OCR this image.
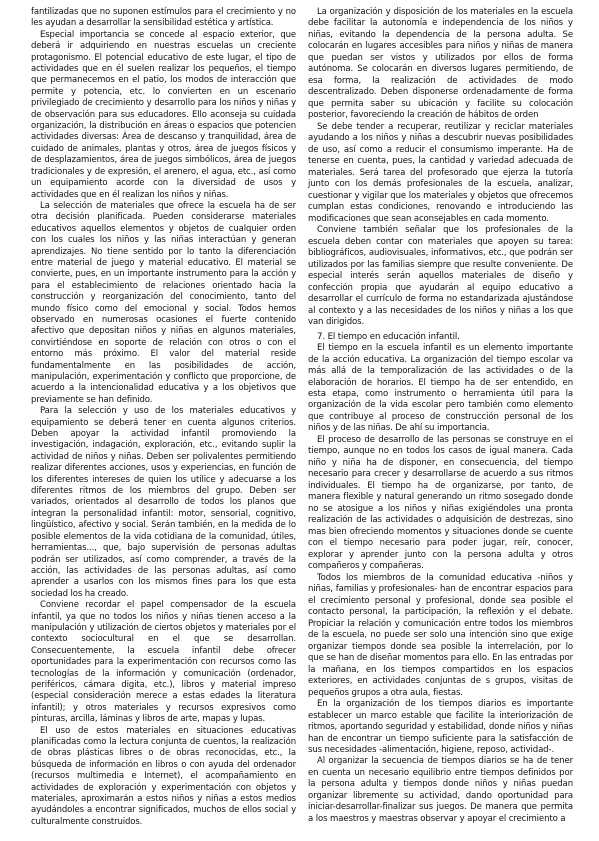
fantilizadas que no suponen estímulos para el crecimiento y no les ayudan a desarrollar la sensibilidad estética y artística.

Especial importancia se concede al espacio exterior, que deberá ir adquiriendo en nuestras escuelas un creciente protagonismo. El potencial educativo de este lugar, el tipo de actividades que en él suelen realizar los pequeños, el tiempo que permanecemos en el patio, los modos de interacción que permite y potencia, etc. lo convierten en un escenario privilegiado de crecimiento y desarrollo para los niños y niñas y de observación para sus educadores. Ello aconseja su cuidada organización, la distribución en áreas o espacios que potencien actividades diversas: Área de descanso y tranquilidad, área de cuidado de animales, plantas y otros, área de juegos físicos y de desplazamientos, área de juegos simbólicos, área de juegos tradicionales y de expresión, el arenero, el agua, etc., así como un equipamiento acorde con la diversidad de usos y actividades que en él realizan los niños y niñas.

La selección de materiales que ofrece la escuela ha de ser otra decisión planificada. Pueden considerarse materiales educativos aquellos elementos y objetos de cualquier orden con los cuales los niños y las niñas interactúan y generan aprendizajes. No tiene sentido por lo tanto la diferenciación entre material de juego y material educativo. El material se convierte, pues, en un importante instrumento para la acción y para el establecimiento de relaciones orientado hacia la construcción y reorganización del conocimiento, tanto del mundo físico como del emocional y social. Todos hemos observado en numerosas ocasiones el fuerte contenido afectivo que depositan niños y niñas en algunos materiales, convirtiéndose en soporte de relación con otros o con el entorno más próximo. El valor del material reside fundamentalmente en las posibilidades de acción, manipulación, experimentación y conflicto que proporcione, de acuerdo a la intencionalidad educativa y a los objetivos que previamente se han definido.

Para la selección y uso de los materiales educativos y equipamiento se deberá tener en cuenta algunos criterios. Deben apoyar la actividad infantil promoviendo la investigación, indagación, exploración, etc., evitando suplir la actividad de niños y niñas. Deben ser polivalentes permitiendo realizar diferentes acciones, usos y experiencias, en función de los diferentes intereses de quien los utilice y adecuarse a los diferentes ritmos de los miembros del grupo. Deben ser variados, orientados al desarrollo de todos los planos que integran la personalidad infantil: motor, sensorial, cognitivo, lingüístico, afectivo y social. Serán también, en la medida de lo posible elementos de la vida cotidiana de la comunidad, útiles, herramientas..., que, bajo supervisión de personas adultas podrán ser utilizados, así como comprender, a través de la acción, las actividades de las personas adultas, así como aprender a usarlos con los mismos fines para los que esta sociedad los ha creado.

Conviene recordar el papel compensador de la escuela infantil, ya que no todos los niños y niñas tienen acceso a la manipulación y utilización de ciertos objetos y materiales por el contexto sociocultural en el que se desarrollan. Consecuentemente, la escuela infantil debe ofrecer oportunidades para la experimentación con recursos como las tecnologías de la información y comunicación (ordenador, periféricos, cámara digita, etc.), libros y material impreso (especial consideración merece a estas edades la literatura infantil); y otros materiales y recursos expresivos como pinturas, arcilla, láminas y libros de arte, mapas y lupas.

El uso de estos materiales en situaciones educativas planificadas como la lectura conjunta de cuentos, la realización de obras plásticas libres o de obras reconocidas, etc., la búsqueda de información en libros o con ayuda del ordenador (recursos multimedia e Internet), el acompañamiento en actividades de exploración y experimentación con objetos y materiales, aproximarán a estos niños y niñas a estos medios ayudándoles a encontrar significados, muchos de ellos social y culturalmente construidos.

La organización y disposición de los materiales en la escuela debe facilitar la autonomía e independencia de los niños y niñas, evitando la dependencia de la persona adulta. Se colocarán en lugares accesibles para niños y niñas de manera que puedan ser vistos y utilizados por ellos de forma autónoma. Se colocarán en diversos lugares permitiendo, de esa forma, la realización de actividades de modo descentralizado. Deben disponerse ordenadamente de forma que permita saber su ubicación y facilite su colocación posterior, favoreciendo la creación de hábitos de orden

Se debe tender a recuperar, reutilizar y reciclar materiales ayudando a los niños y niñas a descubrir nuevas posibilidades de uso, así como a reducir el consumismo imperante. Ha de tenerse en cuenta, pues, la cantidad y variedad adecuada de materiales. Será tarea del profesorado que ejerza la tutoría junto con los demás profesionales de la escuela, analizar, cuestionar y vigilar que los materiales y objetos que ofrecemos cumplan estas condiciones, renovando e introduciendo las modificaciones que sean aconsejables en cada momento.

Conviene también señalar que los profesionales de la escuela deben contar con materiales que apoyen su tarea: bibliográficos, audiovisuales, informativos, etc., que podrán ser utilizados por las familias siempre que resulte conveniente. De especial interés serán aquellos materiales de diseño y confección propia que ayudarán al equipo educativo a desarrollar el currículo de forma no estandarizada ajustándose al contexto y a las necesidades de los niños y niñas a los que van dirigidos.

7. El tiempo en educación infantil.

El tiempo en la escuela infantil es un elemento importante de la acción educativa. La organización del tiempo escolar va más allá de la temporalización de las actividades o de la elaboración de horarios. El tiempo ha de ser entendido, en esta etapa, como instrumento o herramienta útil para la organización de la vida escolar pero también como elemento que contribuye al proceso de construcción personal de los niños y de las niñas. De ahí su importancia.

El proceso de desarrollo de las personas se construye en el tiempo, aunque no en todos los casos de igual manera. Cada niño y niña ha de disponer, en consecuencia, del tiempo necesario para crecer y desarrollarse de acuerdo a sus ritmos individuales. El tiempo ha de organizarse, por tanto, de manera flexible y natural generando un ritmo sosegado donde no se atosigue a los niños y niñas exigiéndoles una pronta realización de las actividades o adquisición de destrezas, sino mas bien ofreciendo momentos y situaciones donde se cuente con el tiempo necesario para poder jugar, reír, conocer, explorar y aprender junto con la persona adulta y otros compañeros y compañeras.

Todos los miembros de la comunidad educativa -niños y niñas, familias y profesionales- han de encontrar espacios para el crecimiento personal y profesional, donde sea posible el contacto personal, la participación, la reflexión y el debate. Propiciar la relación y comunicación entre todos los miembros de la escuela, no puede ser solo una intención sino que exige organizar tiempos donde sea posible la interrelación, por lo que se han de diseñar momentos para ello. En las entradas por la mañana, en los tiempos compartidos en los espacios exteriores, en actividades conjuntas de s grupos, visitas de pequeños grupos a otra aula, fiestas.

En la organización de los tiempos diarios es importante establecer un marco estable que facilite la interiorización de ritmos, aportando seguridad y estabilidad, donde niños y niñas han de encontrar un tiempo suficiente para la satisfacción de sus necesidades -alimentación, higiene, reposo, actividad-.

Al organizar la secuencia de tiempos diarios se ha de tener en cuenta un necesario equilibrio entre tiempos definidos por la persona adulta y tiempos donde niños y niñas puedan organizar libremente su actividad, dando oportunidad para iniciar-desarrollar-finalizar sus juegos. De manera que permita a los maestros y maestras observar y apoyar el crecimiento a
